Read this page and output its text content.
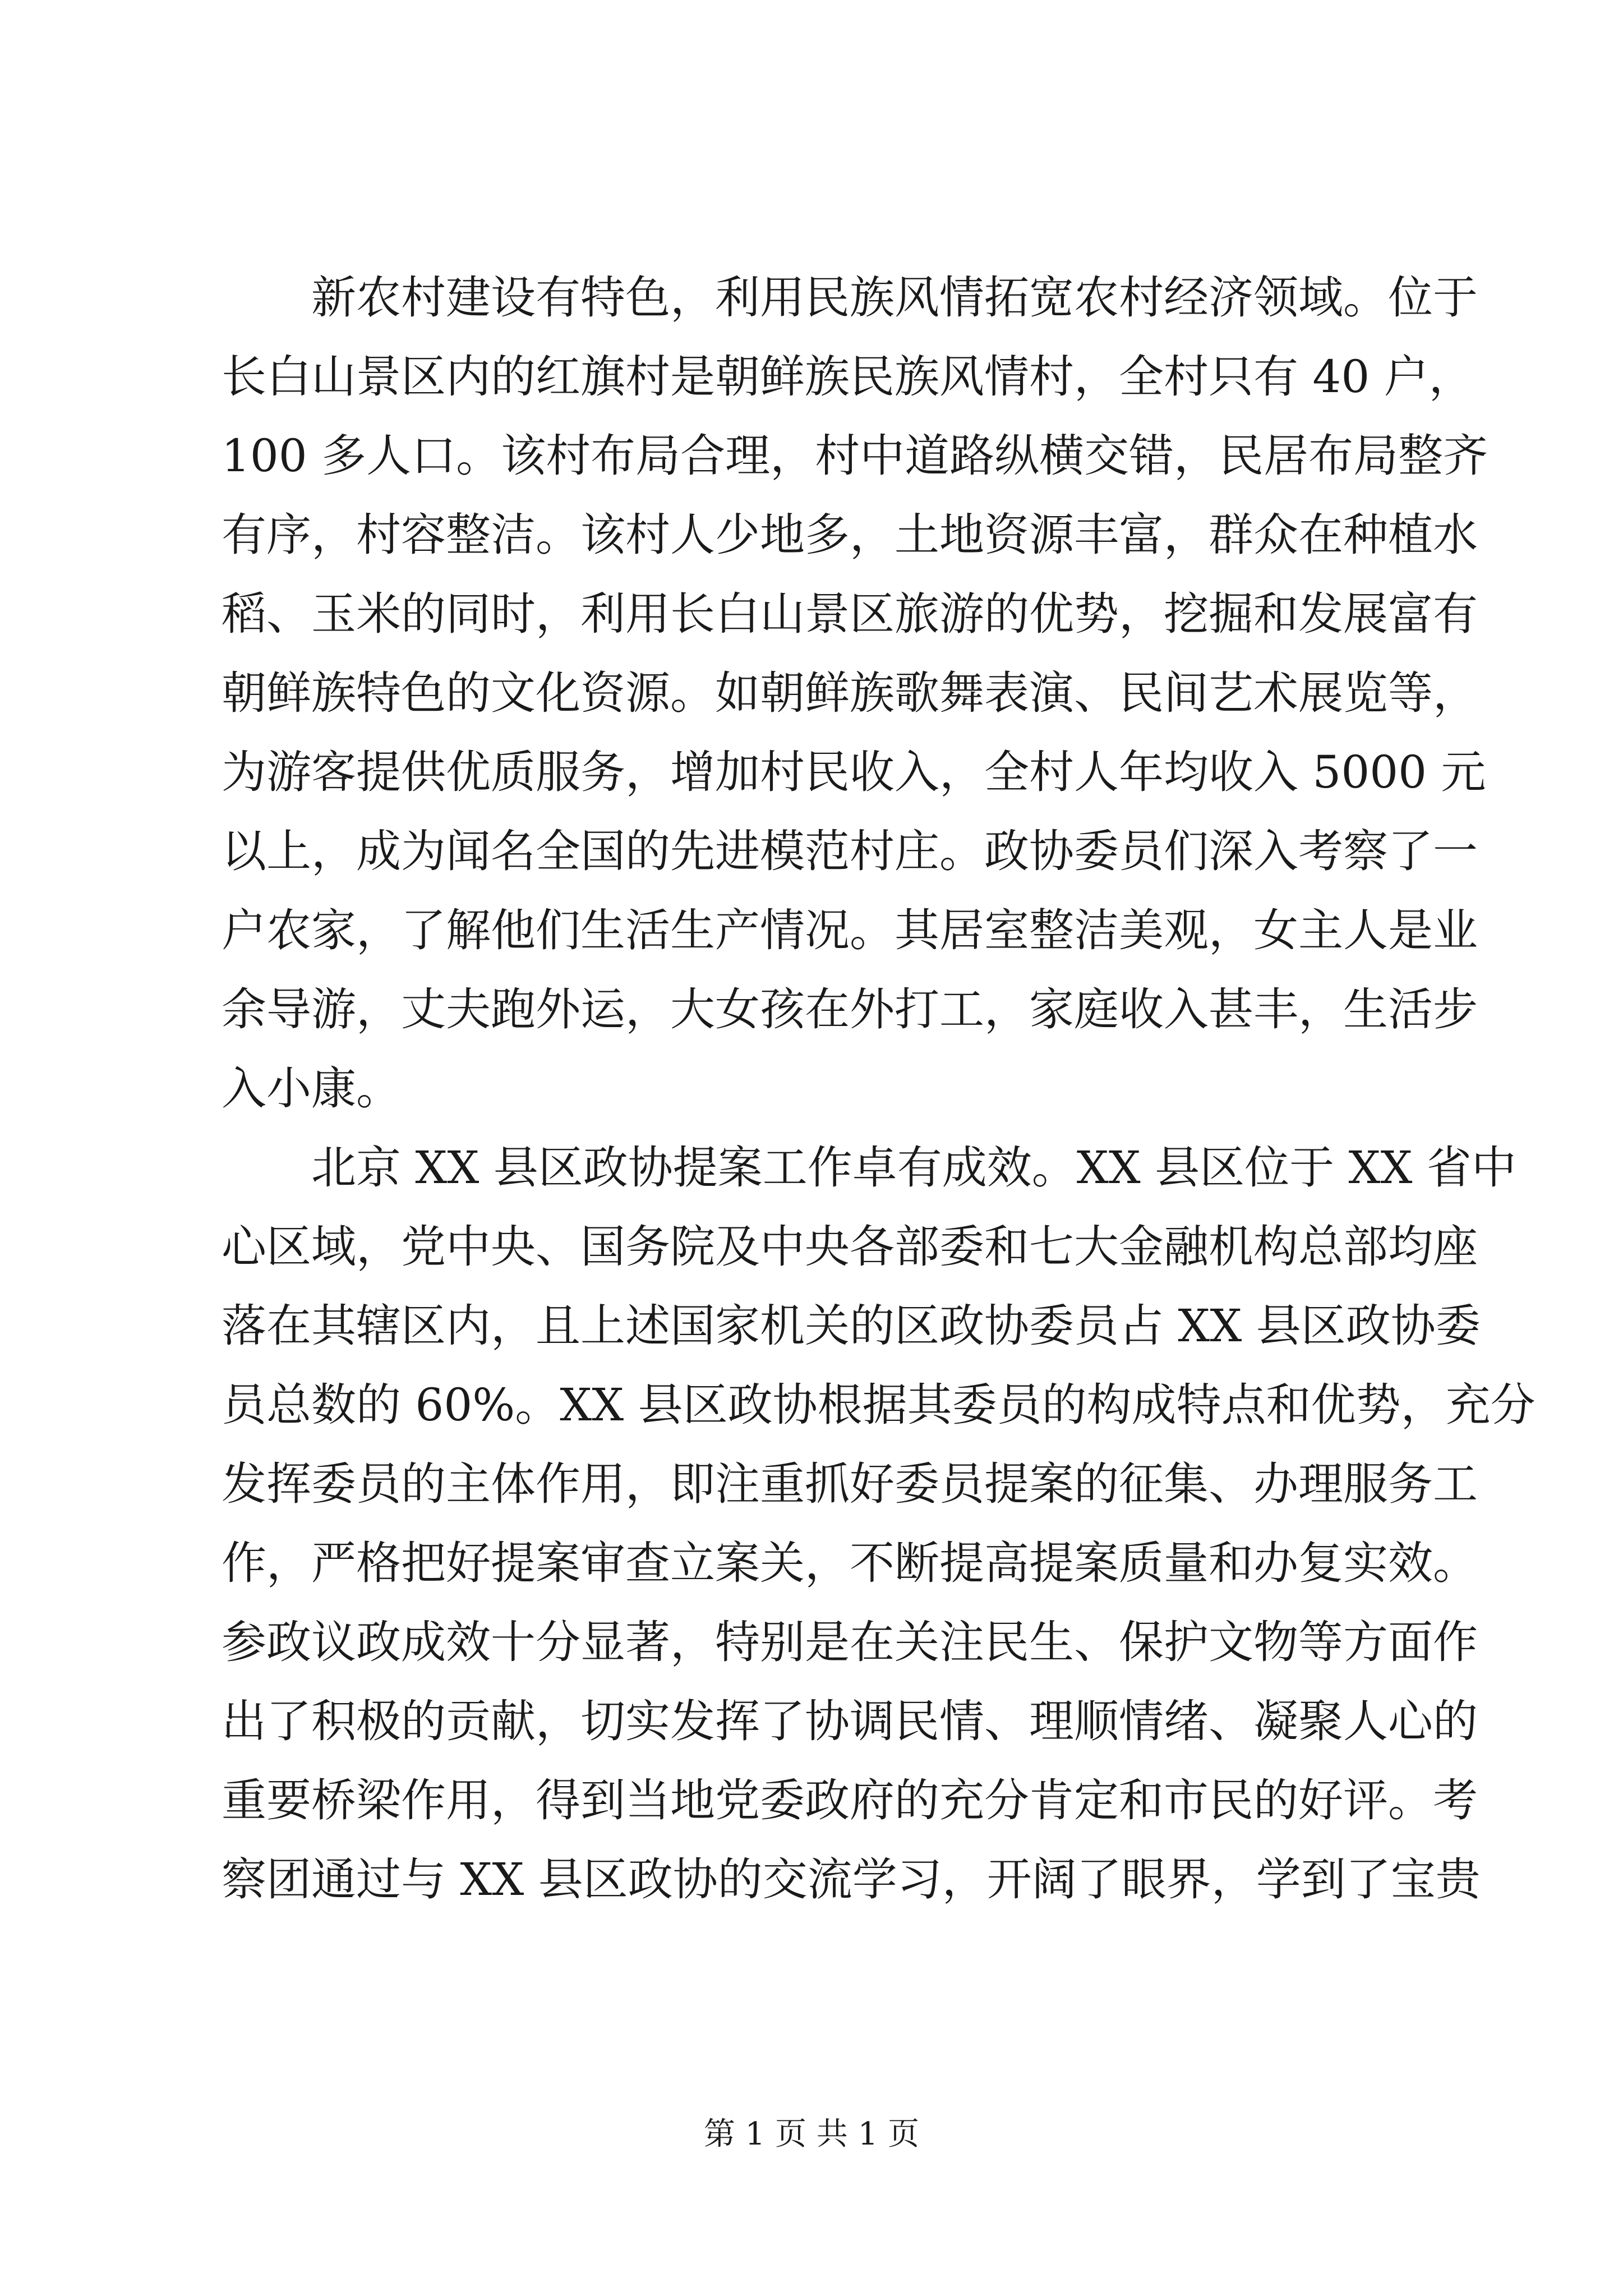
新农村建设有特色，利用民族风情拓宽农村经济领域。位于
长白山景区内的红旗村是朝鲜族民族风情村，全村只有 40 户，
100 多人口。该村布局合理，村中道路纵横交错，民居布局整齐
有序，村容整洁。该村人少地多，土地资源丰富，群众在种植水
稻、玉米的同时，利用长白山景区旅游的优势，挖掘和发展富有
朝鲜族特色的文化资源。如朝鲜族歌舞表演、民间艺术展览等，
为游客提供优质服务，增加村民收入，全村人年均收入 5000 元
以上，成为闻名全国的先进模范村庄。政协委员们深入考察了一
户农家，了解他们生活生产情况。其居室整洁美观，女主人是业
余导游，丈夫跑外运，大女孩在外打工，家庭收入甚丰，生活步
入小康。
北京 XX 县区政协提案工作卓有成效。XX 县区位于 XX 省中
心区域，党中央、国务院及中央各部委和七大金融机构总部均座
落在其辖区内，且上述国家机关的区政协委员占 XX 县区政协委
员总数的 60%。XX 县区政协根据其委员的构成特点和优势，充分
发挥委员的主体作用，即注重抓好委员提案的征集、办理服务工
作，严格把好提案审查立案关，不断提高提案质量和办复实效。
参政议政成效十分显著，特别是在关注民生、保护文物等方面作
出了积极的贡献，切实发挥了协调民情、理顺情绪、凝聚人心的
重要桥梁作用，得到当地党委政府的充分肯定和市民的好评。考
察团通过与 XX 县区政协的交流学习，开阔了眼界，学到了宝贵
第 1 页 共 1 页
